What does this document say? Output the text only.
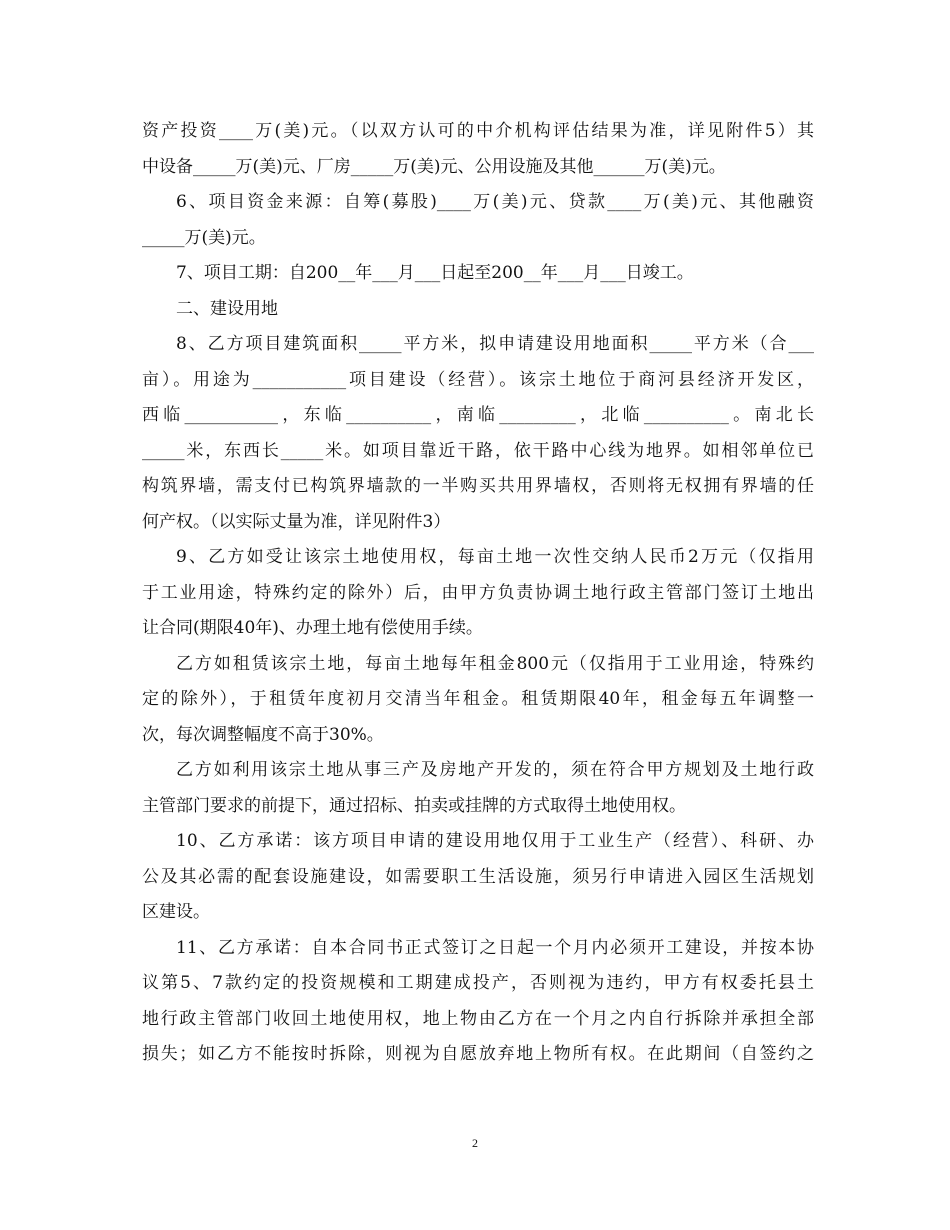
资产投资____万(美)元。（以双方认可的中介机构评估结果为准，详见附件5）其
中设备_____万(美)元、厂房_____万(美)元、公用设施及其他______万(美)元。
6、项目资金来源：自筹(募股)____万(美)元、贷款____万(美)元、其他融资
_____万(美)元。
7、项目工期：自200__年___月___日起至200__年___月___日竣工。
二、建设用地
8、乙方项目建筑面积_____平方米，拟申请建设用地面积_____平方米（合___
亩）。用途为___________项目建设（经营）。该宗土地位于商河县经济开发区，
西临___________，东临__________，南临_________，北临__________。南北长
_____米，东西长_____米。如项目靠近干路，依干路中心线为地界。如相邻单位已
构筑界墙，需支付已构筑界墙款的一半购买共用界墙权，否则将无权拥有界墙的任
何产权。（以实际丈量为准，详见附件3）
9、乙方如受让该宗土地使用权，每亩土地一次性交纳人民币2万元（仅指用
于工业用途，特殊约定的除外）后，由甲方负责协调土地行政主管部门签订土地出
让合同(期限40年)、办理土地有偿使用手续。
乙方如租赁该宗土地，每亩土地每年租金800元（仅指用于工业用途，特殊约
定的除外），于租赁年度初月交清当年租金。租赁期限40年，租金每五年调整一
次，每次调整幅度不高于30%。
乙方如利用该宗土地从事三产及房地产开发的，须在符合甲方规划及土地行政
主管部门要求的前提下，通过招标、拍卖或挂牌的方式取得土地使用权。
10、乙方承诺：该方项目申请的建设用地仅用于工业生产（经营）、科研、办
公及其必需的配套设施建设，如需要职工生活设施，须另行申请进入园区生活规划
区建设。
11、乙方承诺：自本合同书正式签订之日起一个月内必须开工建设，并按本协
议第5、7款约定的投资规模和工期建成投产，否则视为违约，甲方有权委托县土
地行政主管部门收回土地使用权，地上物由乙方在一个月之内自行拆除并承担全部
损失；如乙方不能按时拆除，则视为自愿放弃地上物所有权。在此期间（自签约之
2
